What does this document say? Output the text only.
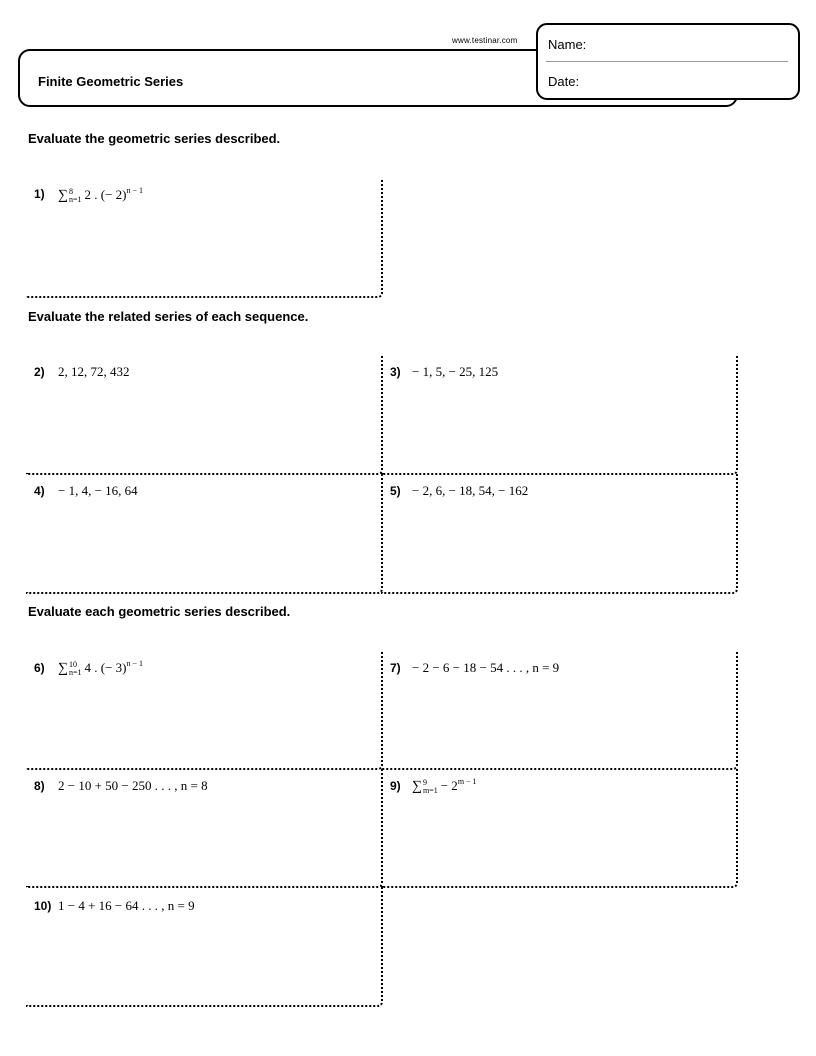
www.testinar.com
Finite Geometric Series
Name:
Date:
Evaluate the geometric series described.
Evaluate the related series of each sequence.
Evaluate each geometric series described.
1) ∑ 8
n=1 2 . (− 2)$^{n - 1}$
2) 2, 12, 72, 432	3) − 1, 5, − 25, 125
4) − 1, 4, − 16, 64	5) − 2, 6, − 18, 54, − 162
6) ∑ 10
n=1 4 . (− 3)$^{n - 1}$	7) − 2 − 6 − 18 − 54 . . . , n = 9
8) 2 − 10 + 50 − 250 . . . , n = 8	9) ∑ 9
$m=1 - 2^{m - 1}$
10) 1 − 4 + 16 − 64 . . . , n = 9
